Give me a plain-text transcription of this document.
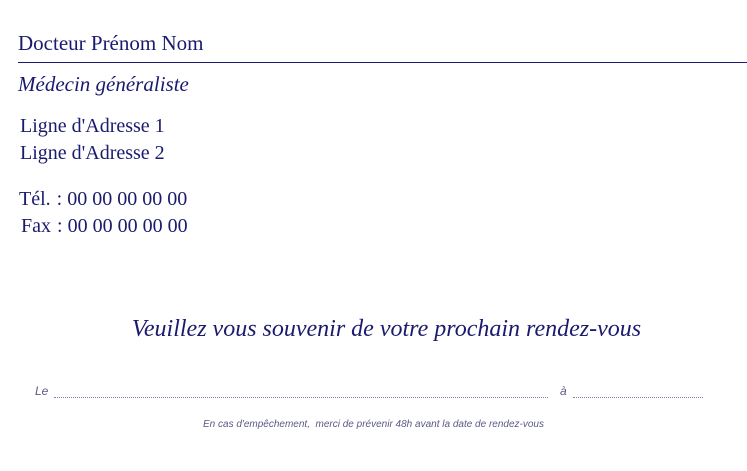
Docteur Prénom Nom
Médecin généraliste
Ligne d'Adresse 1
Ligne d'Adresse 2
Tél. : 00 00 00 00 00
Fax : 00 00 00 00 00
Veuillez vous souvenir de votre prochain rendez-vous
Le	à
En cas d'empêchement,  merci de prévenir 48h avant la date de rendez-vous
